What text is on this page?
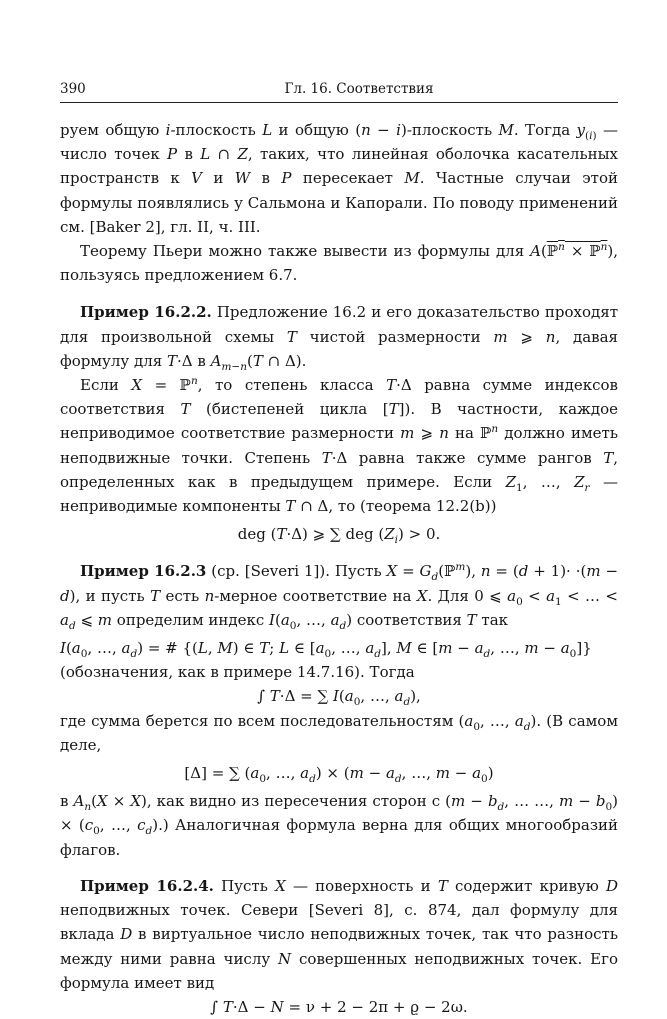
390	Гл. 16. Соответствия

руем общую i-плоскость L и общую (n − i)-плоскость M. Тогда $y_{(i)}$ — число точек P в L ∩ Z, таких, что линейная оболочка касательных пространств к V и W в P пересекает M. Частные случаи этой формулы появлялись у Сальмона и Капорали. По поводу применений см. [Baker 2], гл. II, ч. III.

Теорему Пьери можно также вывести из формулы для A(ℙ$^n$ × ℙ$^n$), пользуясь предложением 6.7.

Пример 16.2.2. Предложение 16.2 и его доказательство проходят для произвольной схемы T чистой размерности m ⩾ n, давая формулу для T·Δ в $A_{m-n}(T$ ∩ Δ).

Если X = ℙ$^n$, то степень класса T·Δ равна сумме индексов соответствия T (бистепеней цикла [T]). В частности, каждое неприводимое соответствие размерности m ⩾ n на ℙ$^n$ должно иметь неподвижные точки. Степень T·Δ равна также сумме рангов T, определенных как в предыдущем примере. Если $Z_1$, …, $Z_r$ — неприводимые компоненты T ∩ Δ, то (теорема 12.2(b))

deg (T·Δ) ⩾ ∑ deg $(Z_i) > 0$.

Пример 16.2.3 (ср. [Severi 1]). Пусть $X = G_d(ℙ^m)$, n = (d + 1)· ·(m − d), и пусть T есть n-мерное соответствие на X. Для 0 ⩽ $a_0 < a_1$ < … < $a_d$ ⩽ m определим индекс $I(a_0$, …, $a_d$) соответствия T так

$I(a_0$, …, $a_d$) = # {(L, M) ∈ T; L ∈ [$a_0$, …, $a_d$], M ∈ [$m - a_d$, …, $m - a_0$]}

(обозначения, как в примере 14.7.16). Тогда

∫ T·Δ = ∑ $I(a_0$, …, $a_d$),

где сумма берется по всем последовательностям ($a_0$, …, $a_d$). (В самом деле,

[Δ] = ∑ ($a_0$, …, $a_d) \times (m - a_d$, …, $m - a_0$)

в $A_n(X \times X)$, как видно из пересечения сторон с ($m - b_d$, … …, $m - b_0) \times (c_0$, …, $c_d$).) Аналогичная формула верна для общих многообразий флагов.

Пример 16.2.4. Пусть X — поверхность и T содержит кривую D неподвижных точек. Севери [Severi 8], с. 874, дал формулу для вклада D в виртуальное число неподвижных точек, так что разность между ними равна числу N совершенных неподвижных точек. Его формула имеет вид

∫ T·Δ − N = ν + 2 − 2π + ϱ − 2ω.
